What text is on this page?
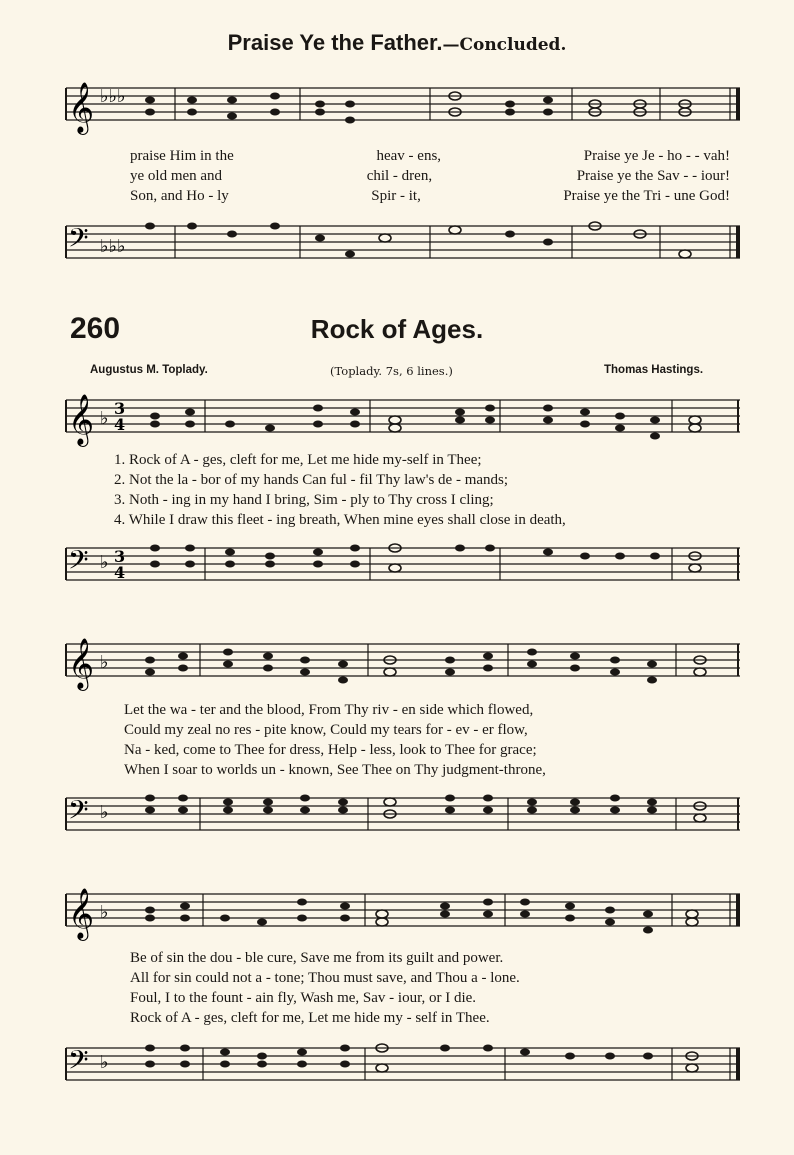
Praise Ye the Father.—Concluded.
𝄞 ♭♭♭
praise Him in the	heav - ens,	Praise ye Je - ho - - vah!
ye old men and	chil - dren,	Praise ye the Sav - - iour!
Son, and Ho - ly	Spir - it,	Praise ye the Tri - une God!
𝄢 ♭♭♭
260	Rock of Ages.
Augustus M. Toplady.	(Toplady. 7s, 6 lines.)	Thomas Hastings.
𝄞 ♭ 3
4
1. Rock of A - ges, cleft for me, Let me hide my-self in Thee;
2. Not the la - bor of my hands Can ful - fil Thy law's de - mands;
3. Noth - ing in my hand I bring, Sim - ply to Thy cross I cling;
4. While I draw this fleet - ing breath, When mine eyes shall close in death,
𝄢 ♭ 3
4
𝄞 ♭
Let the wa - ter and the blood, From Thy riv - en side which flowed,
Could my zeal no res - pite know, Could my tears for - ev - er flow,
Na - ked, come to Thee for dress, Help - less, look to Thee for grace;
When I soar to worlds un - known, See Thee on Thy judgment-throne,
𝄢 ♭
𝄞 ♭
Be of sin the dou - ble cure, Save me from its guilt and power.
All for sin could not a - tone; Thou must save, and Thou a - lone.
Foul, I to the fount - ain fly, Wash me, Sav - iour, or I die.
Rock of A - ges, cleft for me, Let me hide my - self in Thee.
𝄢 ♭
